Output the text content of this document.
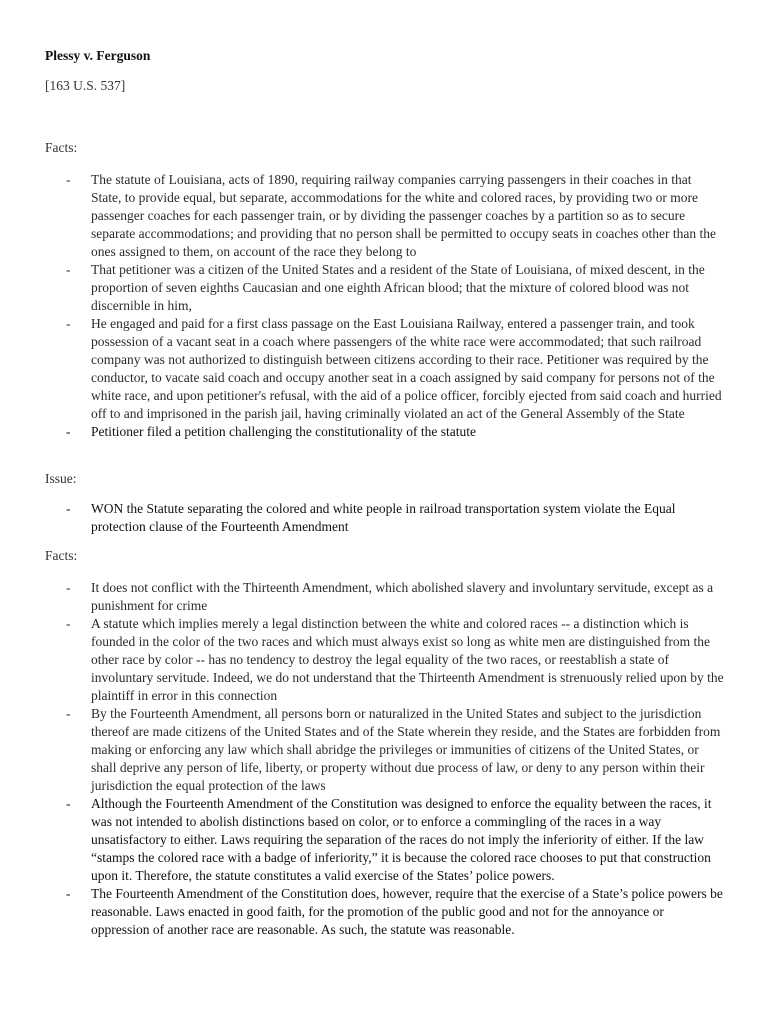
Plessy v. Ferguson
[163 U.S. 537]
Facts:
- The statute of Louisiana, acts of 1890, requiring railway companies carrying passengers in their coaches in that State, to provide equal, but separate, accommodations for the white and colored races, by providing two or more passenger coaches for each passenger train, or by dividing the passenger coaches by a partition so as to secure separate accommodations; and providing that no person shall be permitted to occupy seats in coaches other than the ones assigned to them, on account of the race they belong to
- That petitioner was a citizen of the United States and a resident of the State of Louisiana, of mixed descent, in the proportion of seven eighths Caucasian and one eighth African blood; that the mixture of colored blood was not discernible in him,
- He engaged and paid for a first class passage on the East Louisiana Railway, entered a passenger train, and took possession of a vacant seat in a coach where passengers of the white race were accommodated; that such railroad company was not authorized to distinguish between citizens according to their race. Petitioner was required by the conductor, to vacate said coach and occupy another seat in a coach assigned by said company for persons not of the white race, and upon petitioner's refusal, with the aid of a police officer, forcibly ejected from said coach and hurried off to and imprisoned in the parish jail, having criminally violated an act of the General Assembly of the State
- Petitioner filed a petition challenging the constitutionality of the statute
Issue:
- WON the Statute separating the colored and white people in railroad transportation system violate the Equal protection clause of the Fourteenth Amendment
Facts:
- It does not conflict with the Thirteenth Amendment, which abolished slavery and involuntary servitude, except as a punishment for crime
- A statute which implies merely a legal distinction between the white and colored races -- a distinction which is founded in the color of the two races and which must always exist so long as white men are distinguished from the other race by color -- has no tendency to destroy the legal equality of the two races, or reestablish a state of involuntary servitude. Indeed, we do not understand that the Thirteenth Amendment is strenuously relied upon by the plaintiff in error in this connection
- By the Fourteenth Amendment, all persons born or naturalized in the United States and subject to the jurisdiction thereof are made citizens of the United States and of the State wherein they reside, and the States are forbidden from making or enforcing any law which shall abridge the privileges or immunities of citizens of the United States, or shall deprive any person of life, liberty, or property without due process of law, or deny to any person within their jurisdiction the equal protection of the laws
- Although the Fourteenth Amendment of the Constitution was designed to enforce the equality between the races, it was not intended to abolish distinctions based on color, or to enforce a commingling of the races in a way unsatisfactory to either. Laws requiring the separation of the races do not imply the inferiority of either. If the law “stamps the colored race with a badge of inferiority,” it is because the colored race chooses to put that construction upon it. Therefore, the statute constitutes a valid exercise of the States’ police powers.
- The Fourteenth Amendment of the Constitution does, however, require that the exercise of a State’s police powers be reasonable. Laws enacted in good faith, for the promotion of the public good and not for the annoyance or oppression of another race are reasonable. As such, the statute was reasonable.
